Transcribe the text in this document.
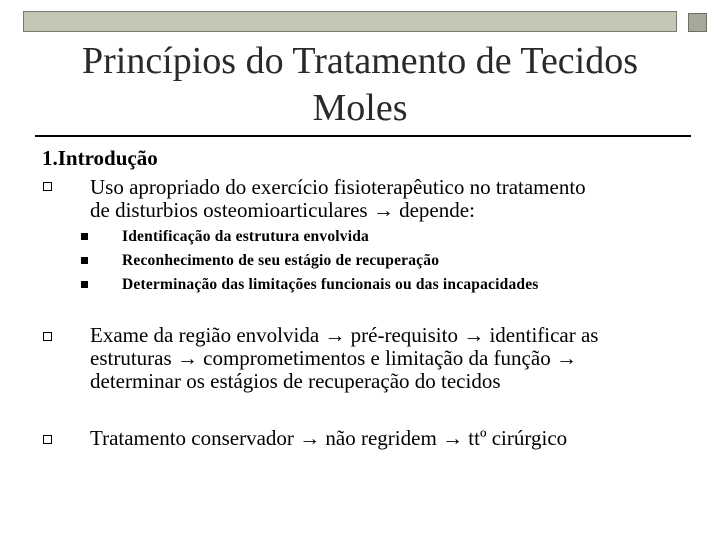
Princípios do Tratamento de Tecidos
Moles
1.Introdução
Uso apropriado do exercício fisioterapêutico no tratamento
de disturbios osteomioarticulares → depende:
Identificação da estrutura envolvida
Reconhecimento de seu estágio de recuperação
Determinação das limitações funcionais ou das incapacidades
Exame da região envolvida → pré-requisito → identificar as
estruturas → comprometimentos e limitação da função →
determinar os estágios de recuperação do tecidos
Tratamento conservador → não regridem → ttº cirúrgico
